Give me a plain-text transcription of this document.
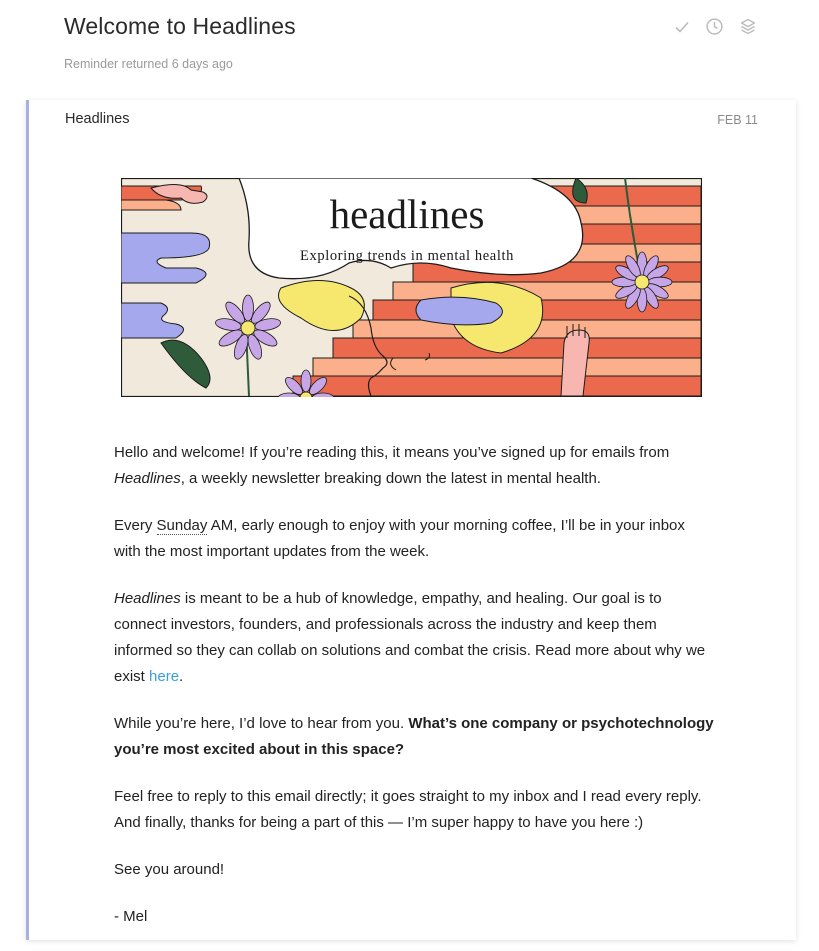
Welcome to Headlines
Reminder returned 6 days ago
Headlines	FEB 11
headlines
Exploring trends in mental health

Hello and welcome! If you’re reading this, it means you’ve signed up for emails from Headlines, a weekly newsletter breaking down the latest in mental health.

Every Sunday AM, early enough to enjoy with your morning coffee, I’ll be in your inbox with the most important updates from the week.

Headlines is meant to be a hub of knowledge, empathy, and healing. Our goal is to connect investors, founders, and professionals across the industry and keep them informed so they can collab on solutions and combat the crisis. Read more about why we exist here.

While you’re here, I’d love to hear from you. What’s one company or psychotechnology you’re most excited about in this space?

Feel free to reply to this email directly; it goes straight to my inbox and I read every reply. And finally, thanks for being a part of this — I’m super happy to have you here :)

See you around!

- Mel
